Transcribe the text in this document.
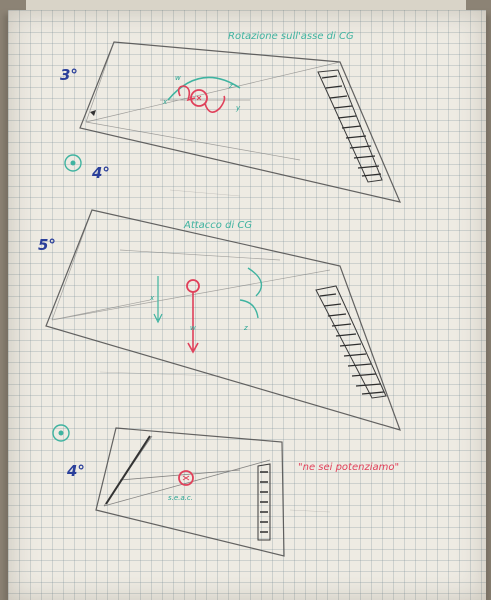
Rotazione sull'asse di CG
3°
x
w
z
y
4°
Attacco di CG
5°
x
w	z
4°
s.e.a.c.
"ne sei potenziamo"
